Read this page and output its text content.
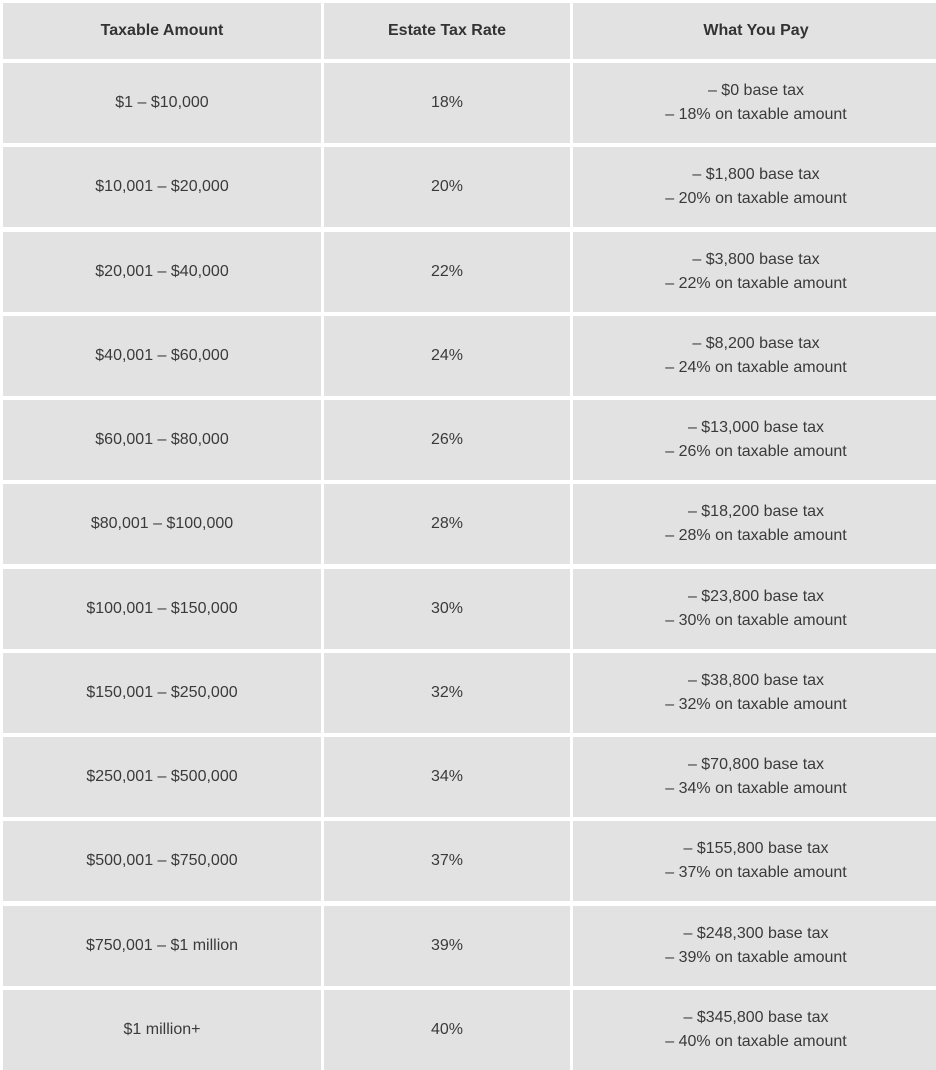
Taxable Amount	Estate Tax Rate	What You Pay
$1 – $10,000	18%
– $0 base tax
– 18% on taxable amount
$10,001 – $20,000	20%
– $1,800 base tax
– 20% on taxable amount
$20,001 – $40,000	22%
– $3,800 base tax
– 22% on taxable amount
$40,001 – $60,000	24%
– $8,200 base tax
– 24% on taxable amount
$60,001 – $80,000	26%
– $13,000 base tax
– 26% on taxable amount
$80,001 – $100,000	28%
– $18,200 base tax
– 28% on taxable amount
$100,001 – $150,000	30%
– $23,800 base tax
– 30% on taxable amount
$150,001 – $250,000	32%
– $38,800 base tax
– 32% on taxable amount
$250,001 – $500,000	34%
– $70,800 base tax
– 34% on taxable amount
$500,001 – $750,000	37%
– $155,800 base tax
– 37% on taxable amount
$750,001 – $1 million	39%
– $248,300 base tax
– 39% on taxable amount
$1 million+	40%
– $345,800 base tax
– 40% on taxable amount
